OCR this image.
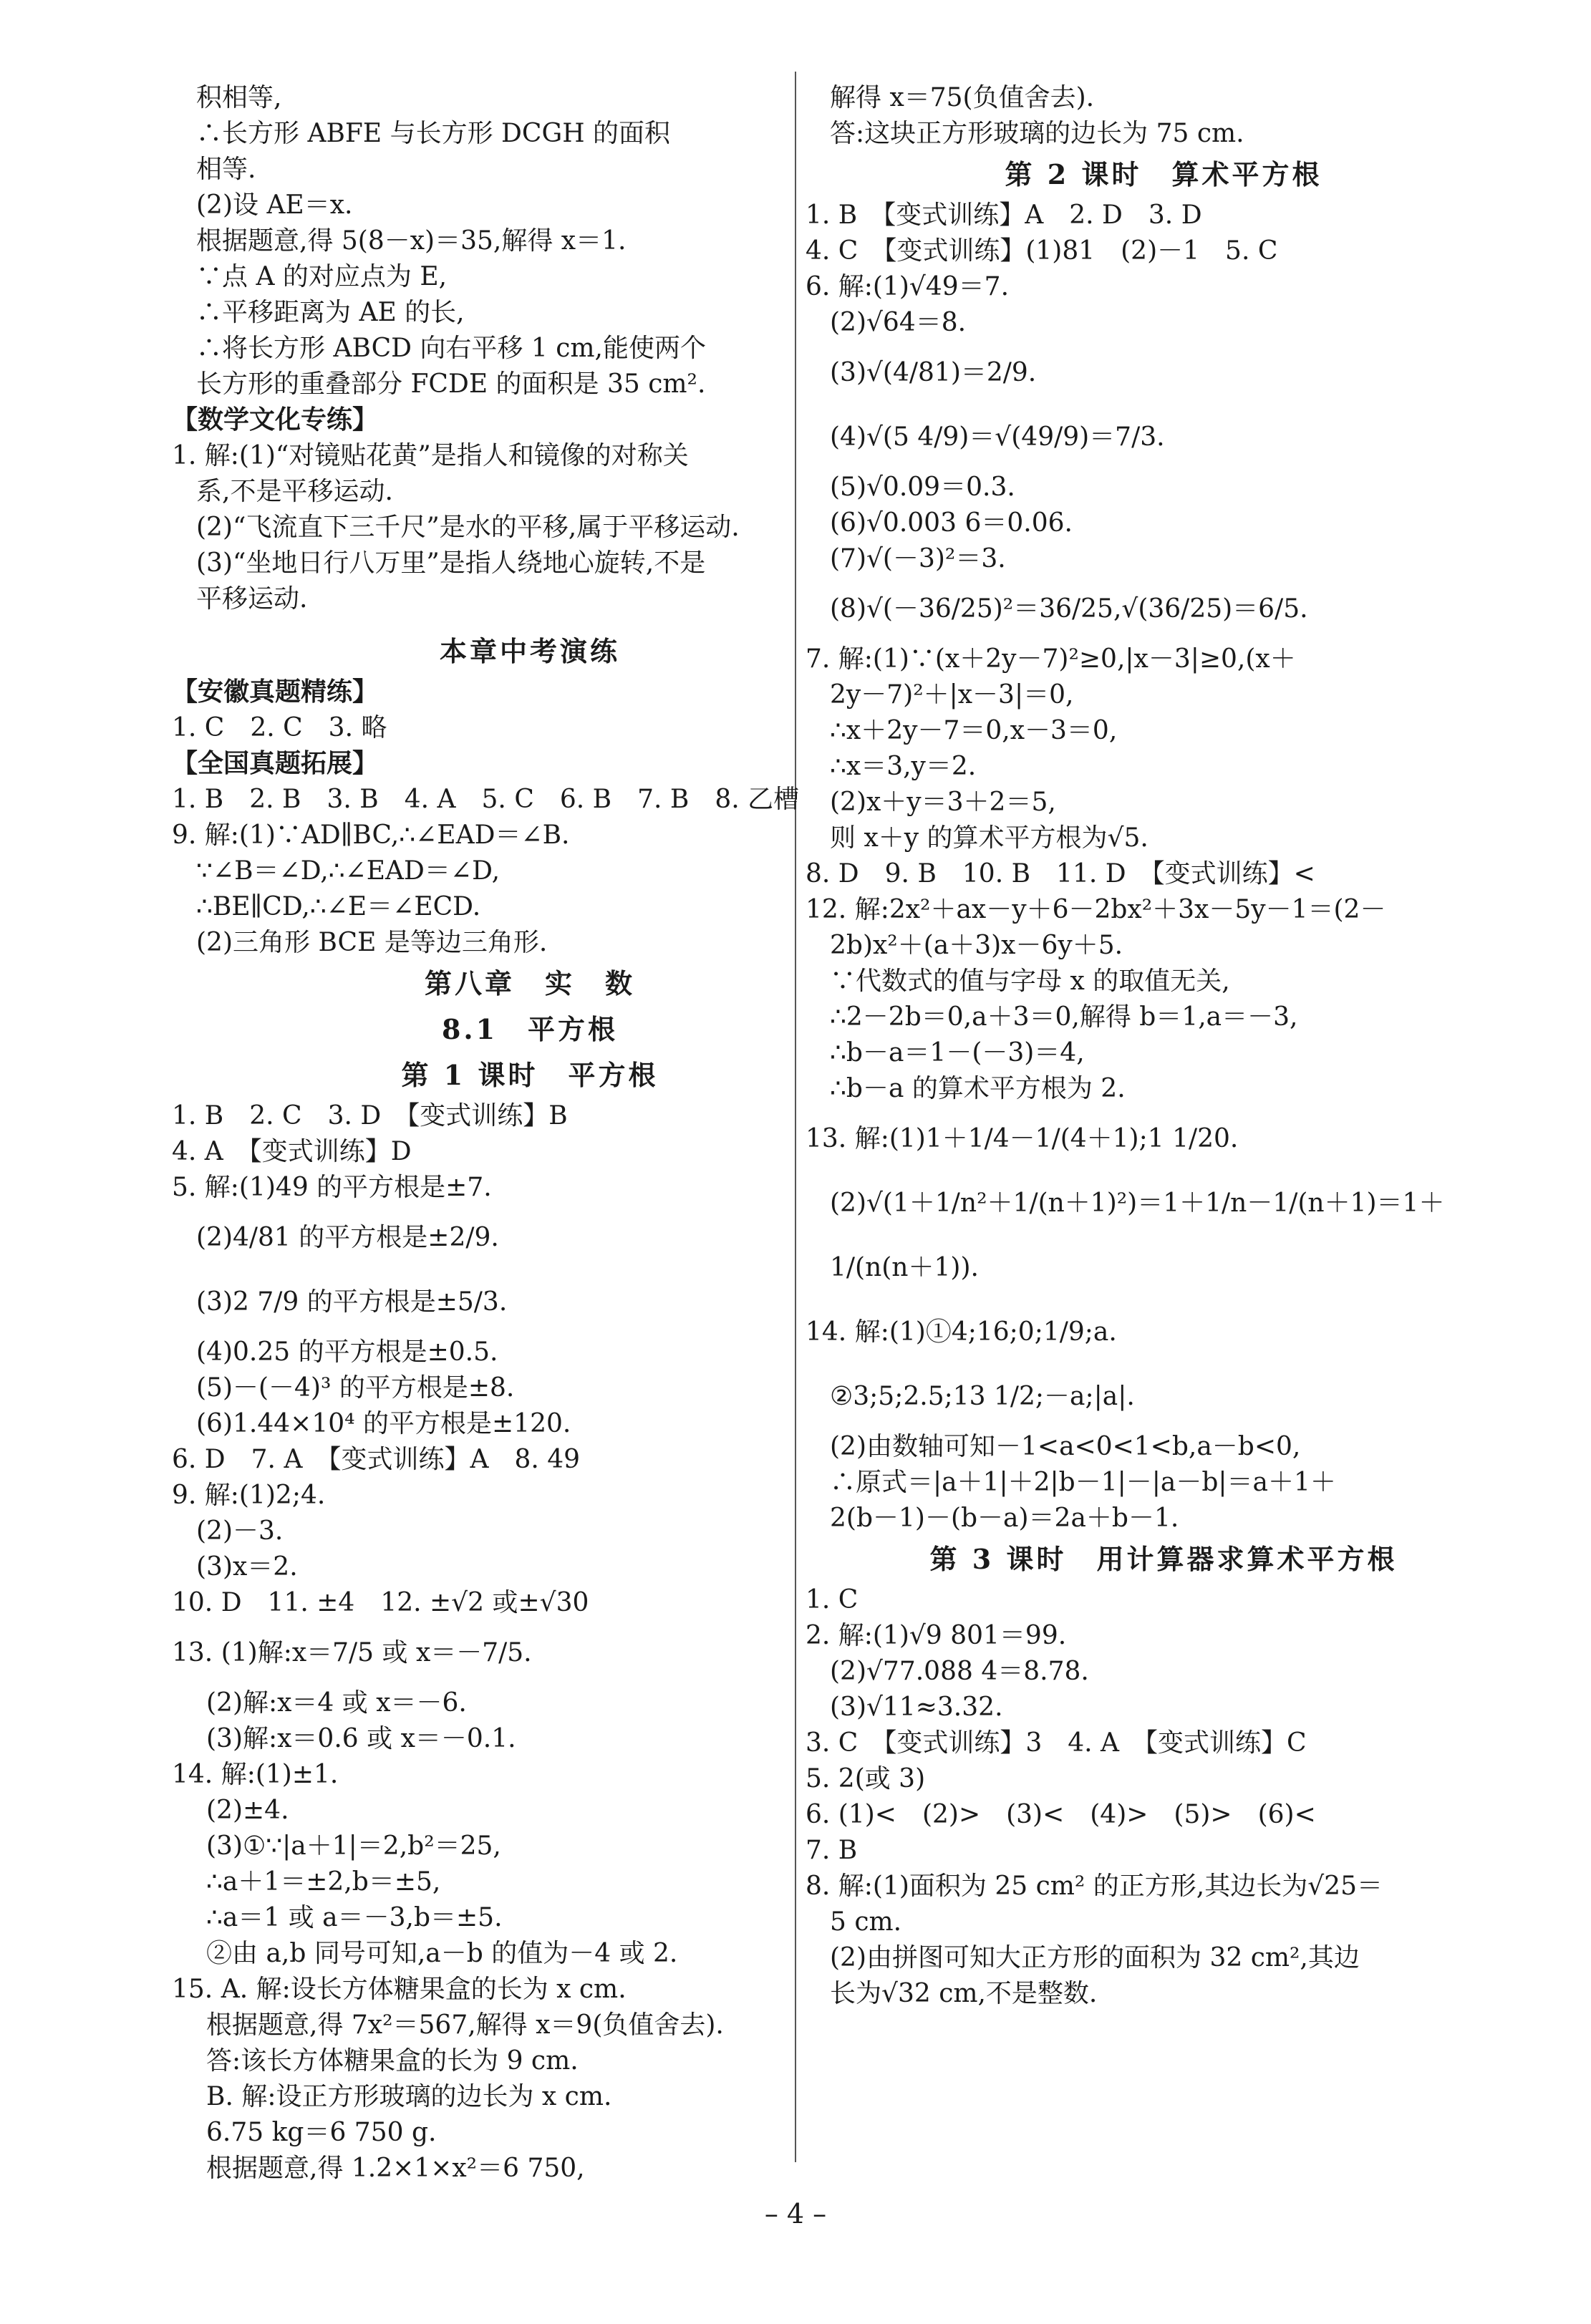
积相等,
∴长方形 ABFE 与长方形 DCGH 的面积
相等.
(2)设 AE＝x.
根据题意,得 5(8－x)＝35,解得 x＝1.
∵点 A 的对应点为 E,
∴平移距离为 AE 的长,
∴将长方形 ABCD 向右平移 1 cm,能使两个
长方形的重叠部分 FCDE 的面积是 35 cm².
【数学文化专练】
1. 解:(1)“对镜贴花黄”是指人和镜像的对称关
系,不是平移运动.
(2)“飞流直下三千尺”是水的平移,属于平移运动.
(3)“坐地日行八万里”是指人绕地心旋转,不是
平移运动.
本章中考演练
【安徽真题精练】
1. C　2. C　3. 略
【全国真题拓展】
1. B　2. B　3. B　4. A　5. C　6. B　7. B　8. 乙槽
9. 解:(1)∵AD∥BC,∴∠EAD＝∠B.
∵∠B＝∠D,∴∠EAD＝∠D,
∴BE∥CD,∴∠E＝∠ECD.
(2)三角形 BCE 是等边三角形.
第八章　实　数
8.1　平方根
第 1 课时　平方根
1. B　2. C　3. D　【变式训练】B
4. A　【变式训练】D
5. 解:(1)49 的平方根是±7.
(2)4/81 的平方根是±2/9.
(3)2 7/9 的平方根是±5/3.
(4)0.25 的平方根是±0.5.
(5)－(－4)³ 的平方根是±8.
(6)1.44×10⁴ 的平方根是±120.
6. D　7. A　【变式训练】A　8. 49
9. 解:(1)2;4.
(2)－3.
(3)x＝2.
10. D　11. ±4　12. ±√2 或±√30
13. (1)解:x＝7/5 或 x＝－7/5.
(2)解:x＝4 或 x＝－6.
(3)解:x＝0.6 或 x＝－0.1.
14. 解:(1)±1.
(2)±4.
(3)①∵|a＋1|＝2,b²＝25,
∴a＋1＝±2,b＝±5,
∴a＝1 或 a＝－3,b＝±5.
②由 a,b 同号可知,a－b 的值为－4 或 2.
15. A. 解:设长方体糖果盒的长为 x cm.
根据题意,得 7x²＝567,解得 x＝9(负值舍去).
答:该长方体糖果盒的长为 9 cm.
B. 解:设正方形玻璃的边长为 x cm.
6.75 kg＝6 750 g.
根据题意,得 1.2×1×x²＝6 750,
解得 x＝75(负值舍去).
答:这块正方形玻璃的边长为 75 cm.
第 2 课时　算术平方根
1. B　【变式训练】A　2. D　3. D
4. C　【变式训练】(1)81　(2)－1　5. C
6. 解:(1)√49＝7.
(2)√64＝8.
(3)√(4/81)＝2/9.
(4)√(5 4/9)＝√(49/9)＝7/3.
(5)√0.09＝0.3.
(6)√0.003 6＝0.06.
(7)√(－3)²＝3.
(8)√(－36/25)²＝36/25,√(36/25)＝6/5.
7. 解:(1)∵(x＋2y－7)²≥0,|x－3|≥0,(x＋
2y－7)²＋|x－3|＝0,
∴x＋2y－7＝0,x－3＝0,
∴x＝3,y＝2.
(2)x＋y＝3＋2＝5,
则 x＋y 的算术平方根为√5.
8. D　9. B　10. B　11. D　【变式训练】<
12. 解:2x²＋ax－y＋6－2bx²＋3x－5y－1＝(2－
2b)x²＋(a＋3)x－6y＋5.
∵代数式的值与字母 x 的取值无关,
∴2－2b＝0,a＋3＝0,解得 b＝1,a＝－3,
∴b－a＝1－(－3)＝4,
∴b－a 的算术平方根为 2.
13. 解:(1)1＋1/4－1/(4＋1);1 1/20.
(2)√(1＋1/n²＋1/(n＋1)²)＝1＋1/n－1/(n＋1)＝1＋
1/(n(n＋1)).
14. 解:(1)①4;16;0;1/9;a.
②3;5;2.5;13 1/2;－a;|a|.
(2)由数轴可知－1<a<0<1<b,a－b<0,
∴原式＝|a＋1|＋2|b－1|－|a－b|＝a＋1＋
2(b－1)－(b－a)＝2a＋b－1.
第 3 课时　用计算器求算术平方根
1. C
2. 解:(1)√9 801＝99.
(2)√77.088 4＝8.78.
(3)√11≈3.32.
3. C　【变式训练】3　4. A　【变式训练】C
5. 2(或 3)
6. (1)<　(2)>　(3)<　(4)>　(5)>　(6)<
7. B
8. 解:(1)面积为 25 cm² 的正方形,其边长为√25＝
5 cm.
(2)由拼图可知大正方形的面积为 32 cm²,其边
长为√32 cm,不是整数.
– 4 –
